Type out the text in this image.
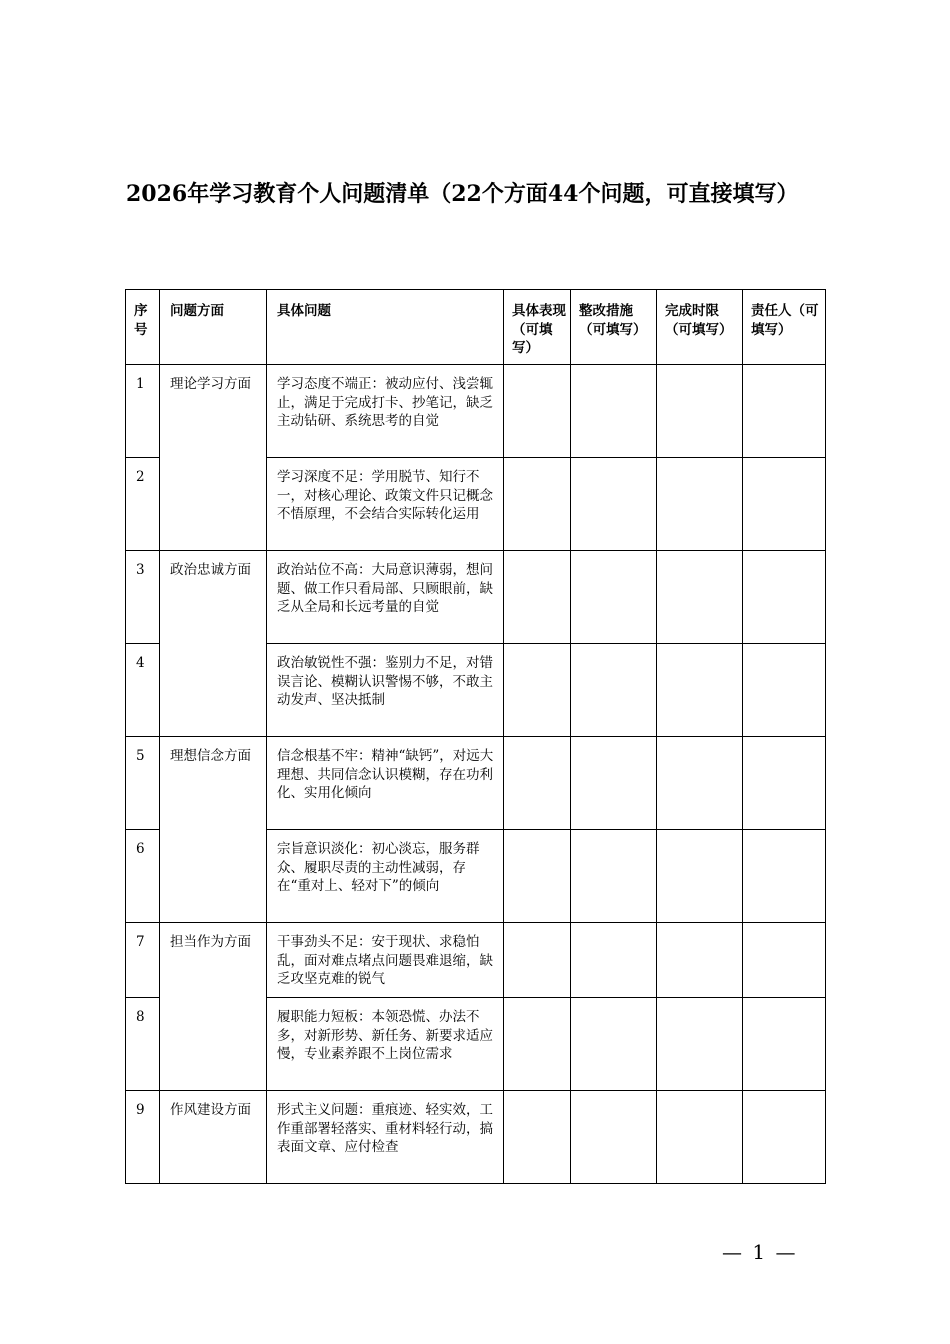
2026年学习教育个人问题清单（22个方面44个问题，可直接填写）
序号	问题方面	具体问题	具体表现（可填写）	整改措施（可填写）	完成时限（可填写）	责任人（可填写）
1	理论学习方面	学习态度不端正：被动应付、浅尝辄止，满足于完成打卡、抄笔记，缺乏主动钻研、系统思考的自觉				
2		学习深度不足：学用脱节、知行不一，对核心理论、政策文件只记概念不悟原理，不会结合实际转化运用				
3	政治忠诚方面	政治站位不高：大局意识薄弱，想问题、做工作只看局部、只顾眼前，缺乏从全局和长远考量的自觉				
4		政治敏锐性不强：鉴别力不足，对错误言论、模糊认识警惕不够，不敢主动发声、坚决抵制				
5	理想信念方面	信念根基不牢：精神“缺钙”，对远大理想、共同信念认识模糊，存在功利化、实用化倾向				
6		宗旨意识淡化：初心淡忘，服务群众、履职尽责的主动性减弱，存在“重对上、轻对下”的倾向				
7	担当作为方面	干事劲头不足：安于现状、求稳怕乱，面对难点堵点问题畏难退缩，缺乏攻坚克难的锐气				
8		履职能力短板：本领恐慌、办法不多，对新形势、新任务、新要求适应慢，专业素养跟不上岗位需求				
9	作风建设方面	形式主义问题：重痕迹、轻实效，工作重部署轻落实、重材料轻行动，搞表面文章、应付检查				
— 1 —
